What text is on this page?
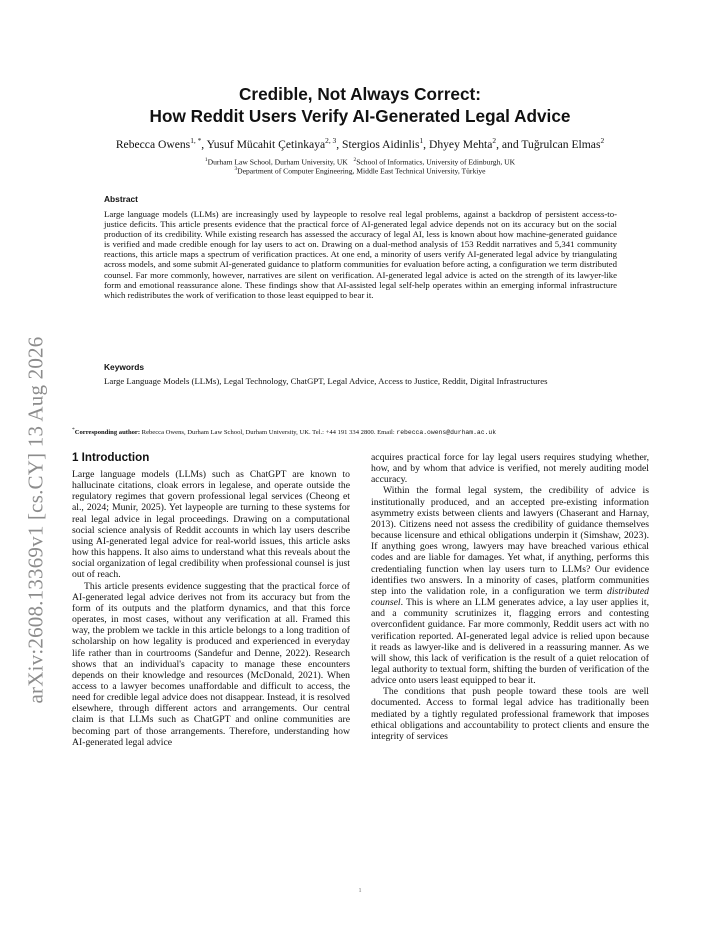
arXiv:2608.13369v1 [cs.CY] 13 Aug 2026
Credible, Not Always Correct:
How Reddit Users Verify AI-Generated Legal Advice
Rebecca Owens$^{1, *}$, Yusuf Mücahit Çetinkaya$^{2, 3}$, Stergios Aidinlis$^1$, Dhyey Mehta$^2$, and Tuğrulcan Elmas$^2$
$^1$Durham Law School, Durham University, UK $^2$School of Informatics, University of Edinburgh, UK
$^3$Department of Computer Engineering, Middle East Technical University, Türkiye
Abstract
Large language models (LLMs) are increasingly used by laypeople to resolve real legal problems, against a backdrop of persistent access-to-justice deficits. This article presents evidence that the practical force of AI-generated legal advice depends not on its accuracy but on the social production of its credibility. While existing research has assessed the accuracy of legal AI, less is known about how machine-generated guidance is verified and made credible enough for lay users to act on. Drawing on a dual-method analysis of 153 Reddit narratives and 5,341 community reactions, this article maps a spectrum of verification practices. At one end, a minority of users verify AI-generated legal advice by triangulating across models, and some submit AI-generated guidance to platform communities for evaluation before acting, a configuration we term distributed counsel. Far more commonly, however, narratives are silent on verification. AI-generated legal advice is acted on the strength of its lawyer-like form and emotional reassurance alone. These findings show that AI-assisted legal self-help operates within an emerging informal infrastructure which redistributes the work of verification to those least equipped to bear it.
Keywords
Large Language Models (LLMs), Legal Technology, ChatGPT, Legal Advice, Access to Justice, Reddit, Digital Infrastructures
*Corresponding author: Rebecca Owens, Durham Law School, Durham University, UK. Tel.: +44 191 334 2800. Email: rebecca.owens@durham.ac.uk
1 Introduction

Large language models (LLMs) such as ChatGPT are known to hallucinate citations, cloak errors in legalese, and operate outside the regulatory regimes that govern professional legal services (Cheong et al., 2024; Munir, 2025). Yet laypeople are turning to these systems for real legal advice in legal proceedings. Drawing on a computational social science analysis of Reddit accounts in which lay users describe using AI-generated legal advice for real-world issues, this article asks how this happens. It also aims to understand what this reveals about the social organization of legal credibility when professional counsel is just out of reach.

This article presents evidence suggesting that the practical force of AI-generated legal advice derives not from its accuracy but from the form of its outputs and the platform dynamics, and that this force operates, in most cases, without any verification at all. Framed this way, the problem we tackle in this article belongs to a long tradition of scholarship on how legality is produced and experienced in everyday life rather than in courtrooms (Sandefur and Denne, 2022). Research shows that an individual's capacity to manage these encounters depends on their knowledge and resources (McDonald, 2021). When access to a lawyer becomes unaffordable and difficult to access, the need for credible legal advice does not disappear. Instead, it is resolved elsewhere, through different actors and arrangements. Our central claim is that LLMs such as ChatGPT and online communities are becoming part of those arrangements. Therefore, understanding how AI-generated legal advice

acquires practical force for lay legal users requires studying whether, how, and by whom that advice is verified, not merely auditing model accuracy.

Within the formal legal system, the credibility of advice is institutionally produced, and an accepted pre-existing information asymmetry exists between clients and lawyers (Chaserant and Harnay, 2013). Citizens need not assess the credibility of guidance themselves because licensure and ethical obligations underpin it (Simshaw, 2023). If anything goes wrong, lawyers may have breached various ethical codes and are liable for damages. Yet what, if anything, performs this credentialing function when lay users turn to LLMs? Our evidence identifies two answers. In a minority of cases, platform communities step into the validation role, in a configuration we term distributed counsel. This is where an LLM generates advice, a lay user applies it, and a community scrutinizes it, flagging errors and contesting overconfident guidance. Far more commonly, Reddit users act with no verification reported. AI-generated legal advice is relied upon because it reads as lawyer-like and is delivered in a reassuring manner. As we will show, this lack of verification is the result of a quiet relocation of legal authority to textual form, shifting the burden of verification of the advice onto users least equipped to bear it.

The conditions that push people toward these tools are well documented. Access to formal legal advice has traditionally been mediated by a tightly regulated professional framework that imposes ethical obligations and accountability to protect clients and ensure the integrity of services

1
